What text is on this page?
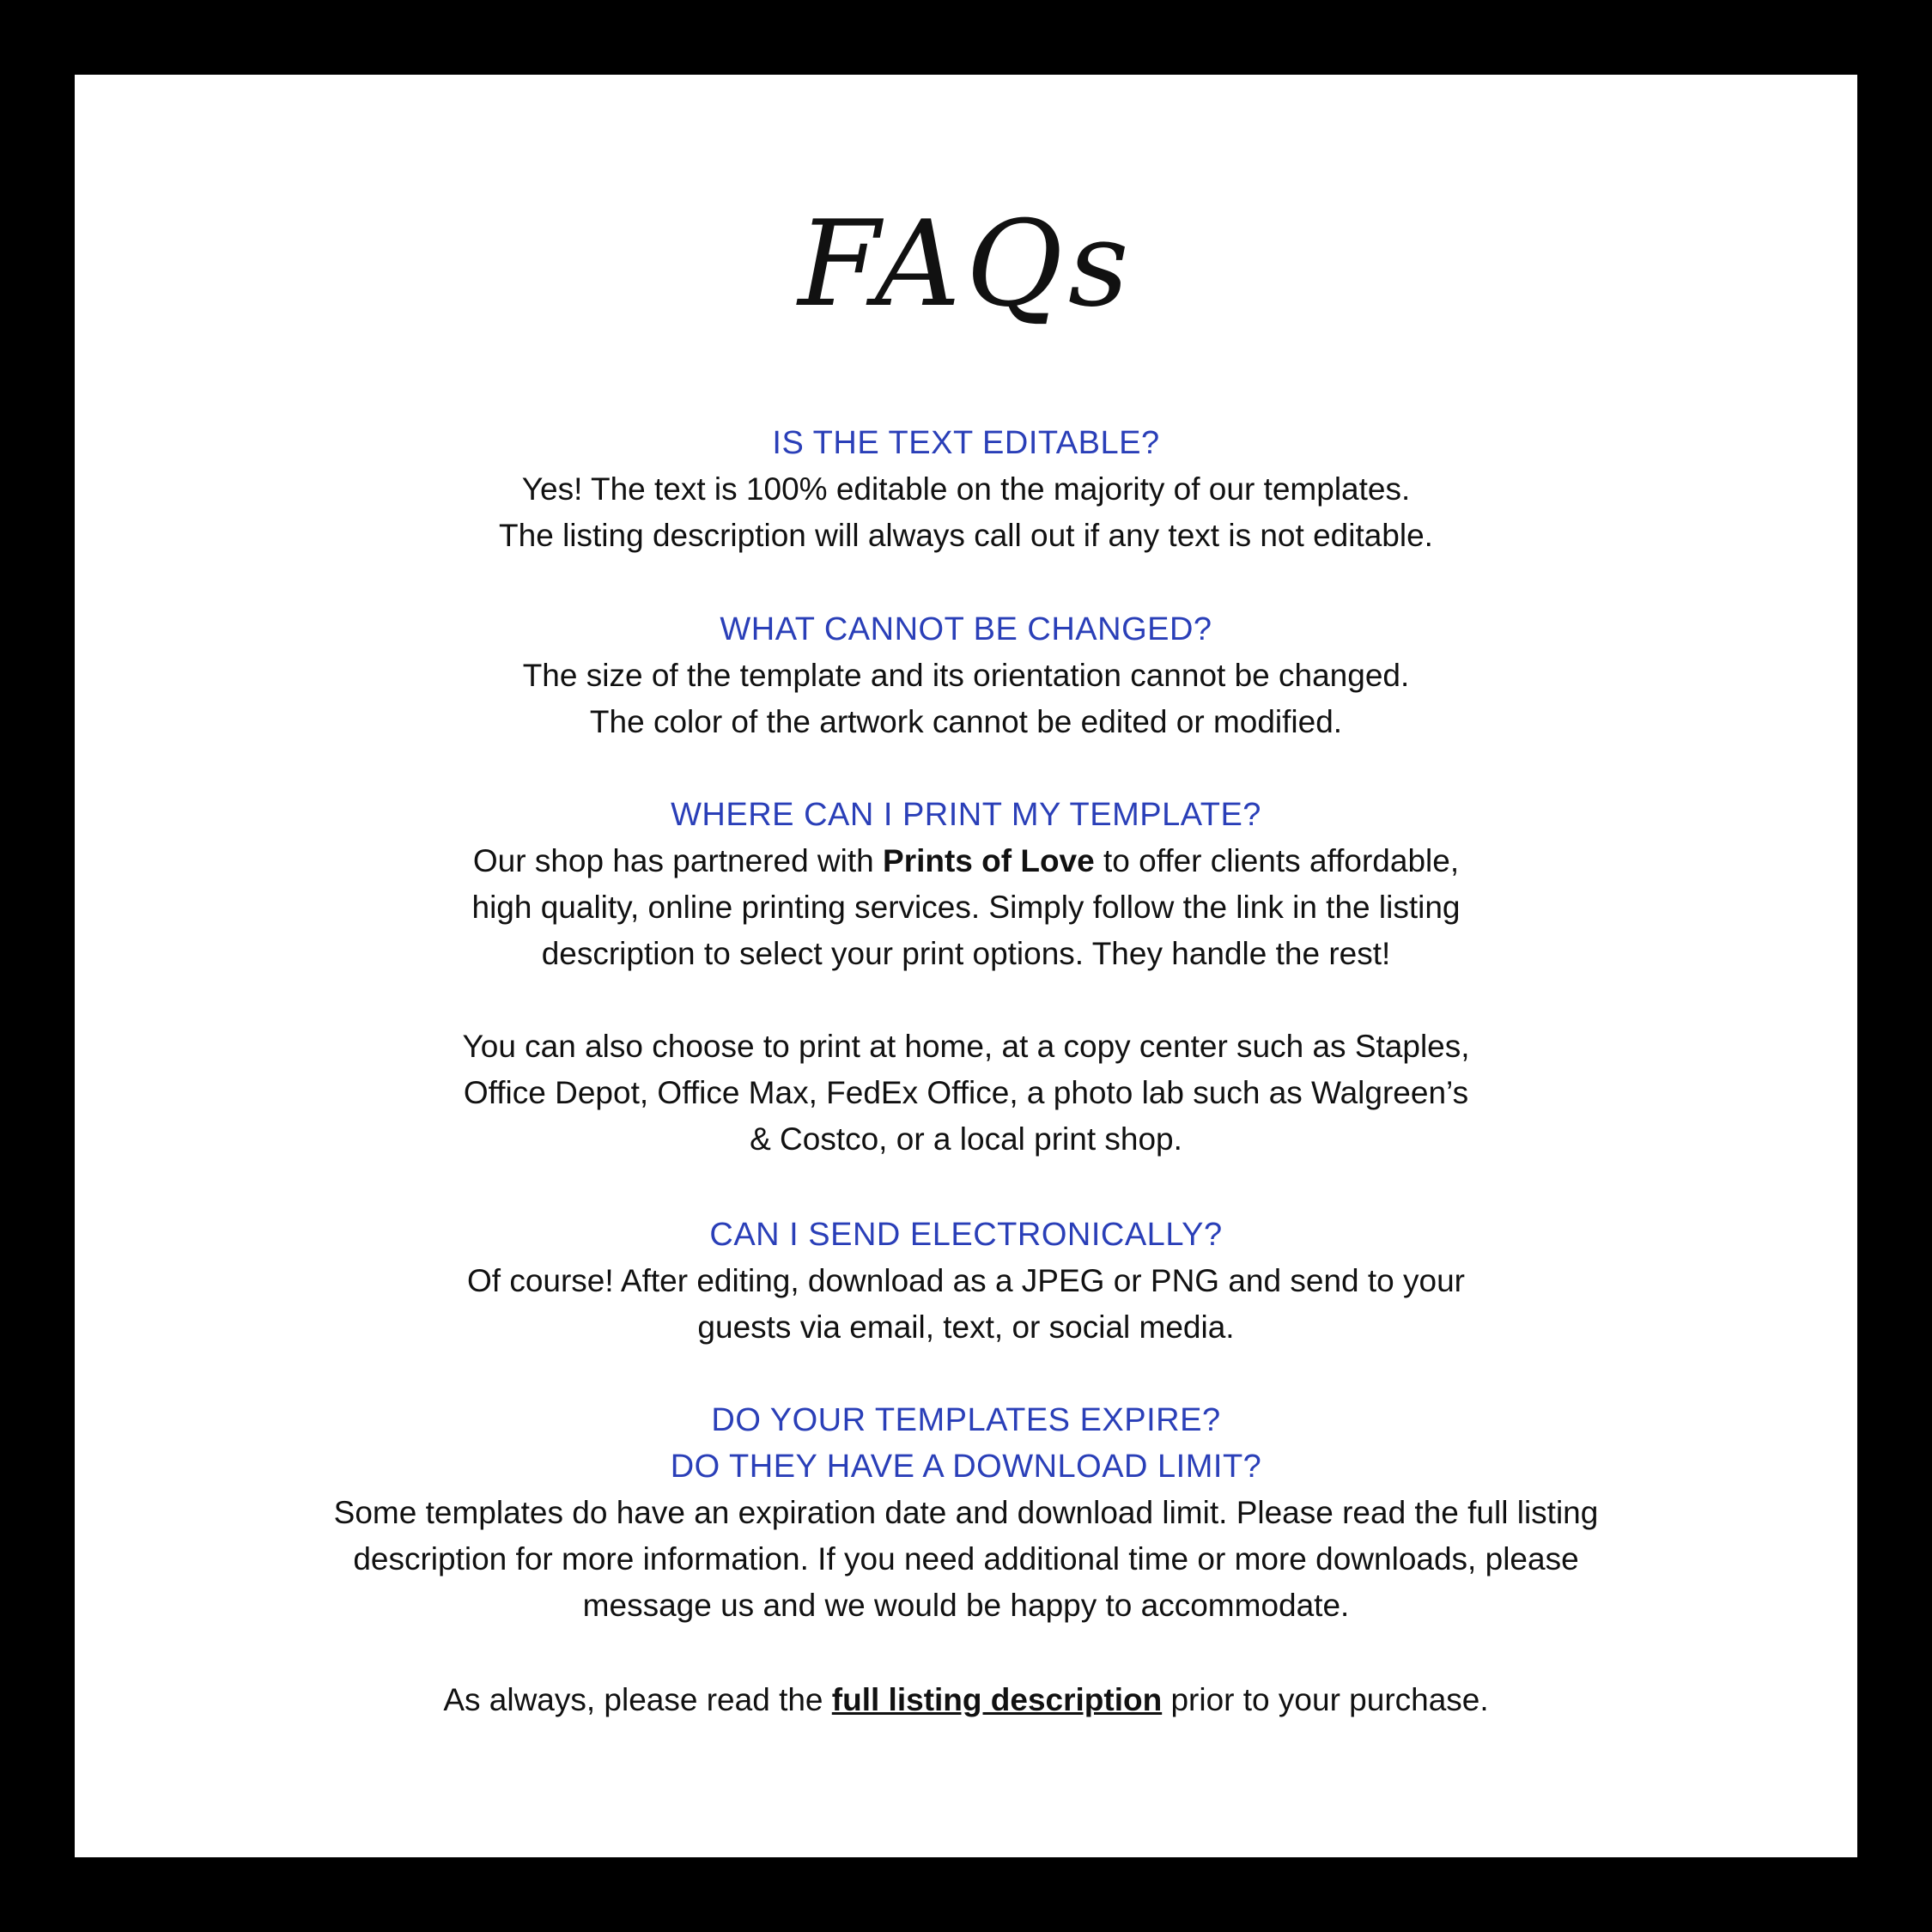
FAQs

IS THE TEXT EDITABLE?

Yes! The text is 100% editable on the majority of our templates.

The listing description will always call out if any text is not editable.

WHAT CANNOT BE CHANGED?

The size of the template and its orientation cannot be changed.

The color of the artwork cannot be edited or modified.

WHERE CAN I PRINT MY TEMPLATE?

Our shop has partnered with Prints of Love to offer clients affordable,

high quality, online printing services. Simply follow the link in the listing

description to select your print options. They handle the rest!

You can also choose to print at home, at a copy center such as Staples,

Office Depot, Office Max, FedEx Office, a photo lab such as Walgreen’s

& Costco, or a local print shop.

CAN I SEND ELECTRONICALLY?

Of course! After editing, download as a JPEG or PNG and send to your

guests via email, text, or social media.

DO YOUR TEMPLATES EXPIRE?

DO THEY HAVE A DOWNLOAD LIMIT?

Some templates do have an expiration date and download limit. Please read the full listing

description for more information. If you need additional time or more downloads, please

message us and we would be happy to accommodate.

As always, please read the full listing description prior to your purchase.
